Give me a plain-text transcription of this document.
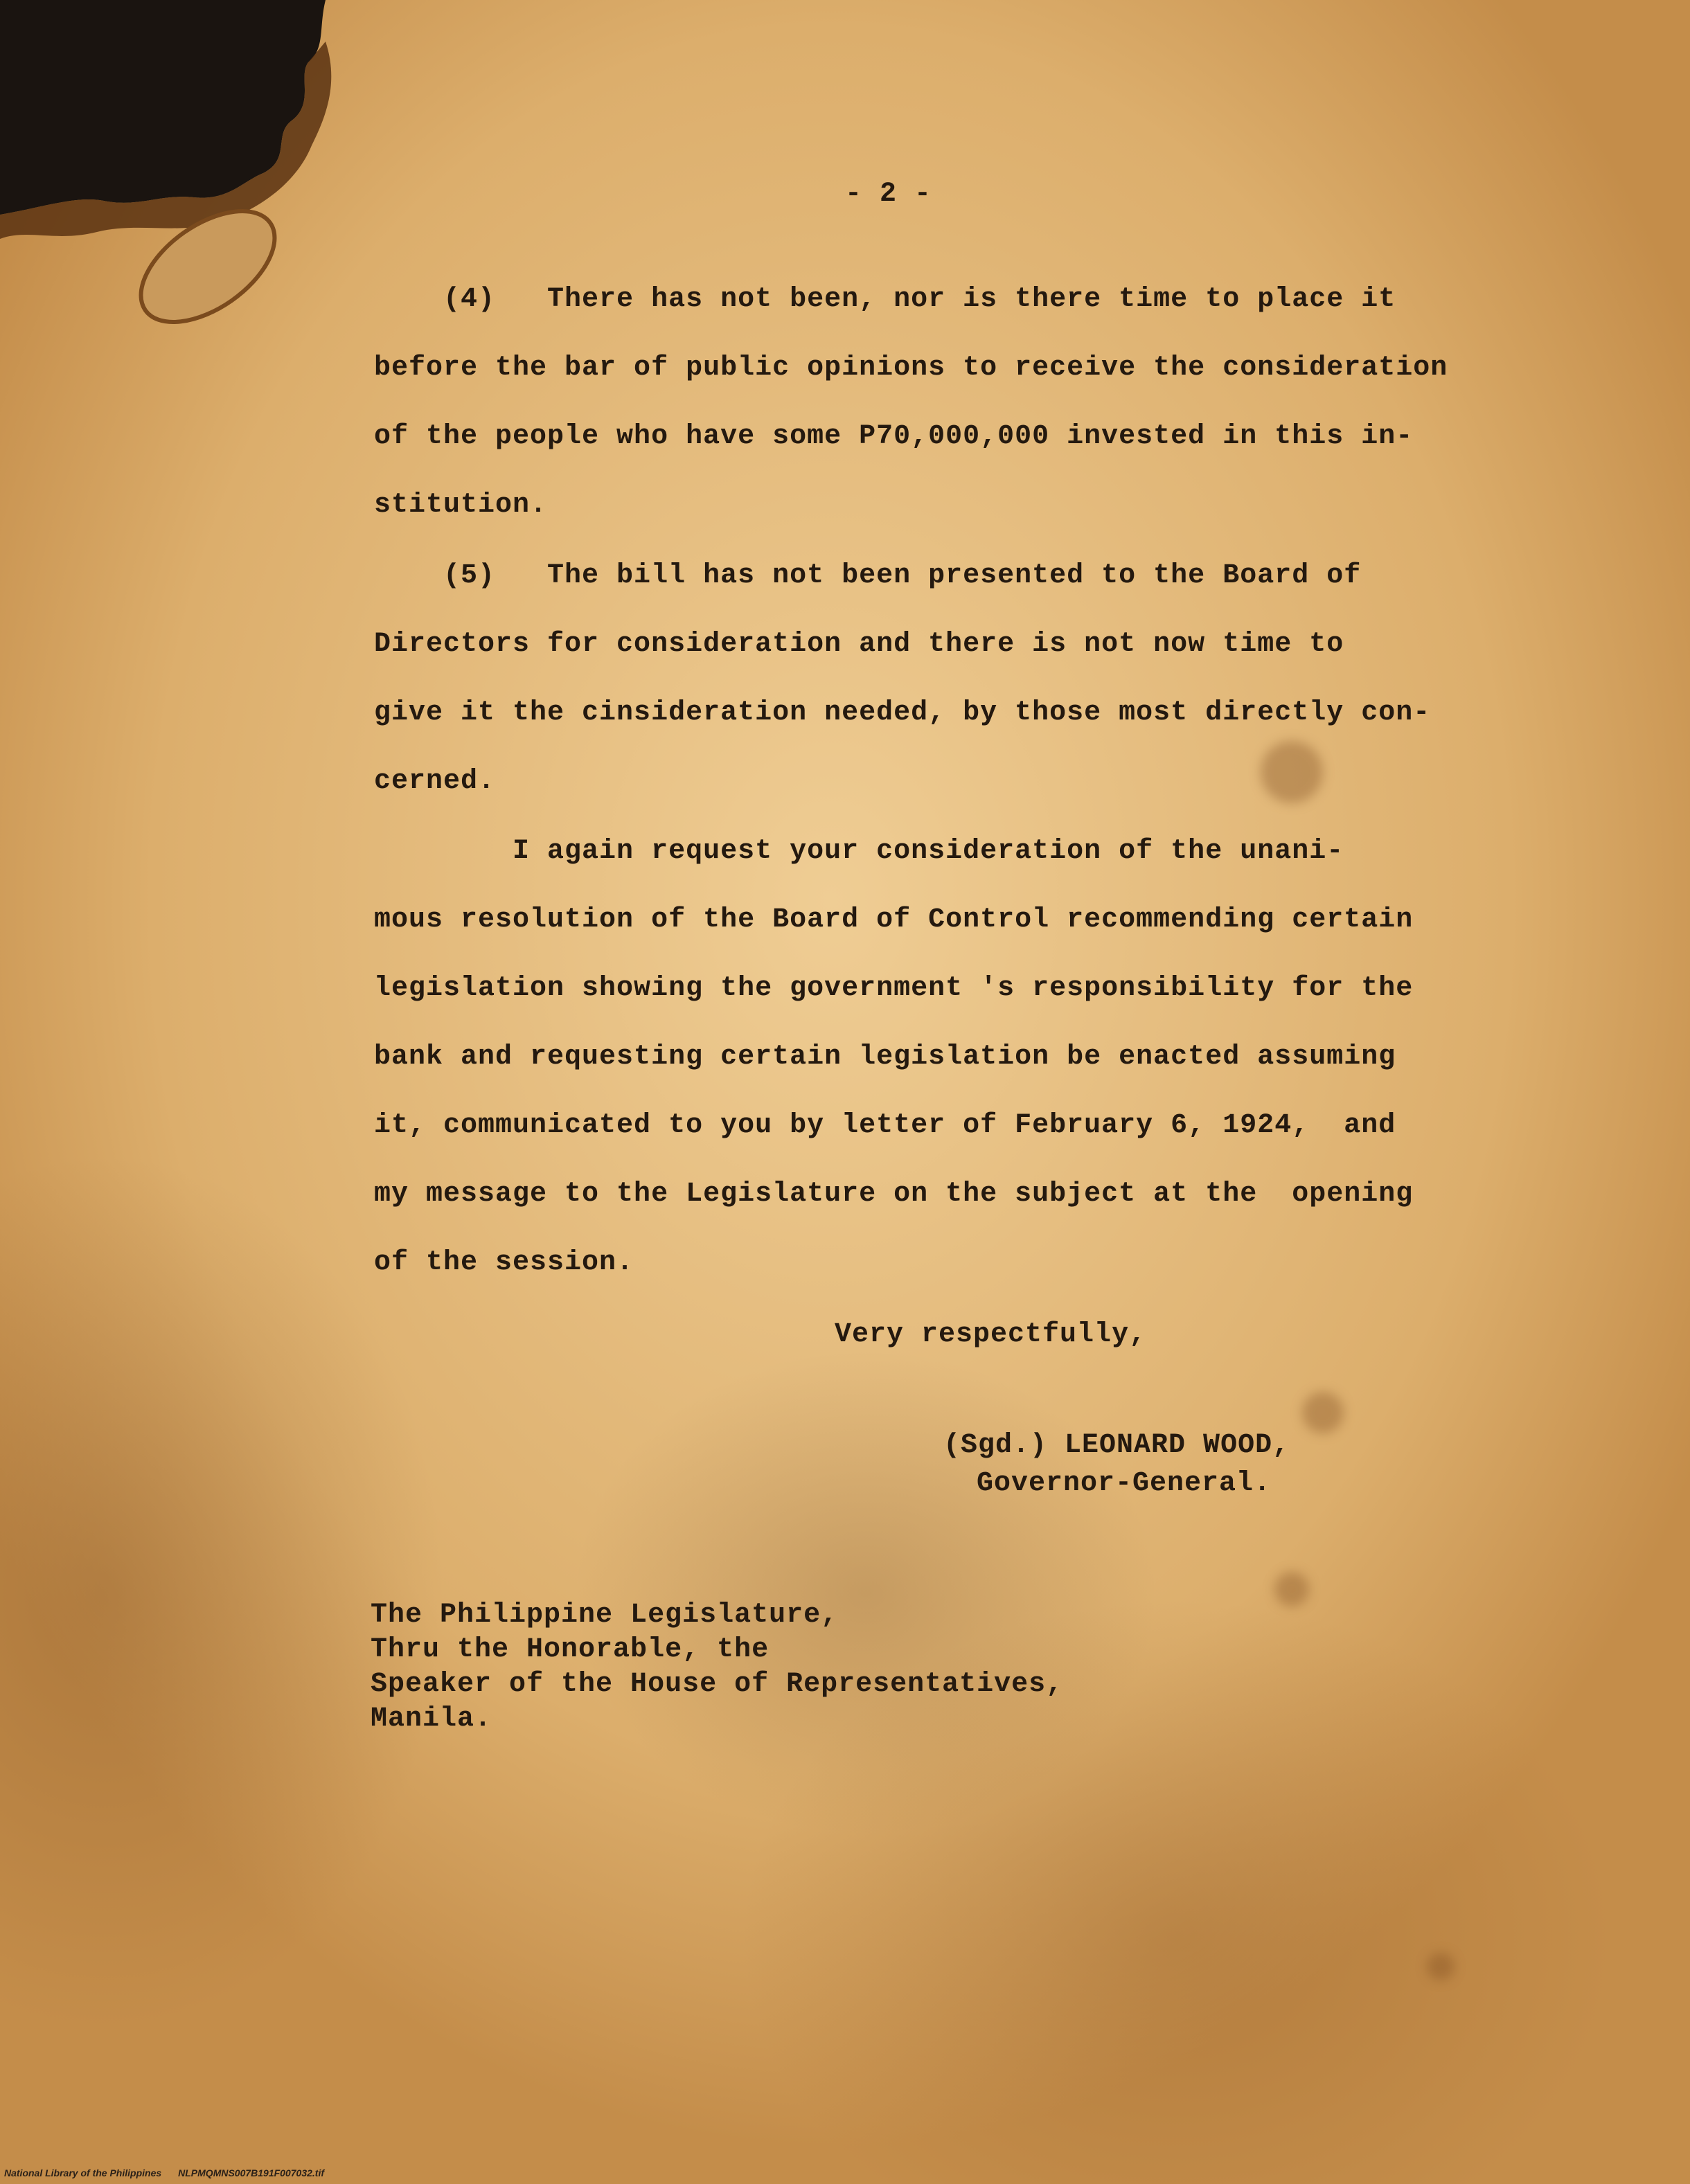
- 2 -
(4)   There has not been, nor is there time to place it
before the bar of public opinions to receive the consideration
of the people who have some P70,000,000 invested in this in-
stitution.
(5)   The bill has not been presented to the Board of
Directors for consideration and there is not now time to
give it the cinsideration needed, by those most directly con-
cerned.
I again request your consideration of the unani-
mous resolution of the Board of Control recommending certain
legislation showing the government 's responsibility for the
bank and requesting certain legislation be enacted assuming
it, communicated to you by letter of February 6, 1924,  and
my message to the Legislature on the subject at the  opening
of the session.
Very respectfully,
(Sgd.) LEONARD WOOD,
Governor-General.
The Philippine Legislature,
Thru the Honorable, the
Speaker of the House of Representatives,
Manila.
National Library of the Philippines NLPMQMNS007B191F007032.tif
